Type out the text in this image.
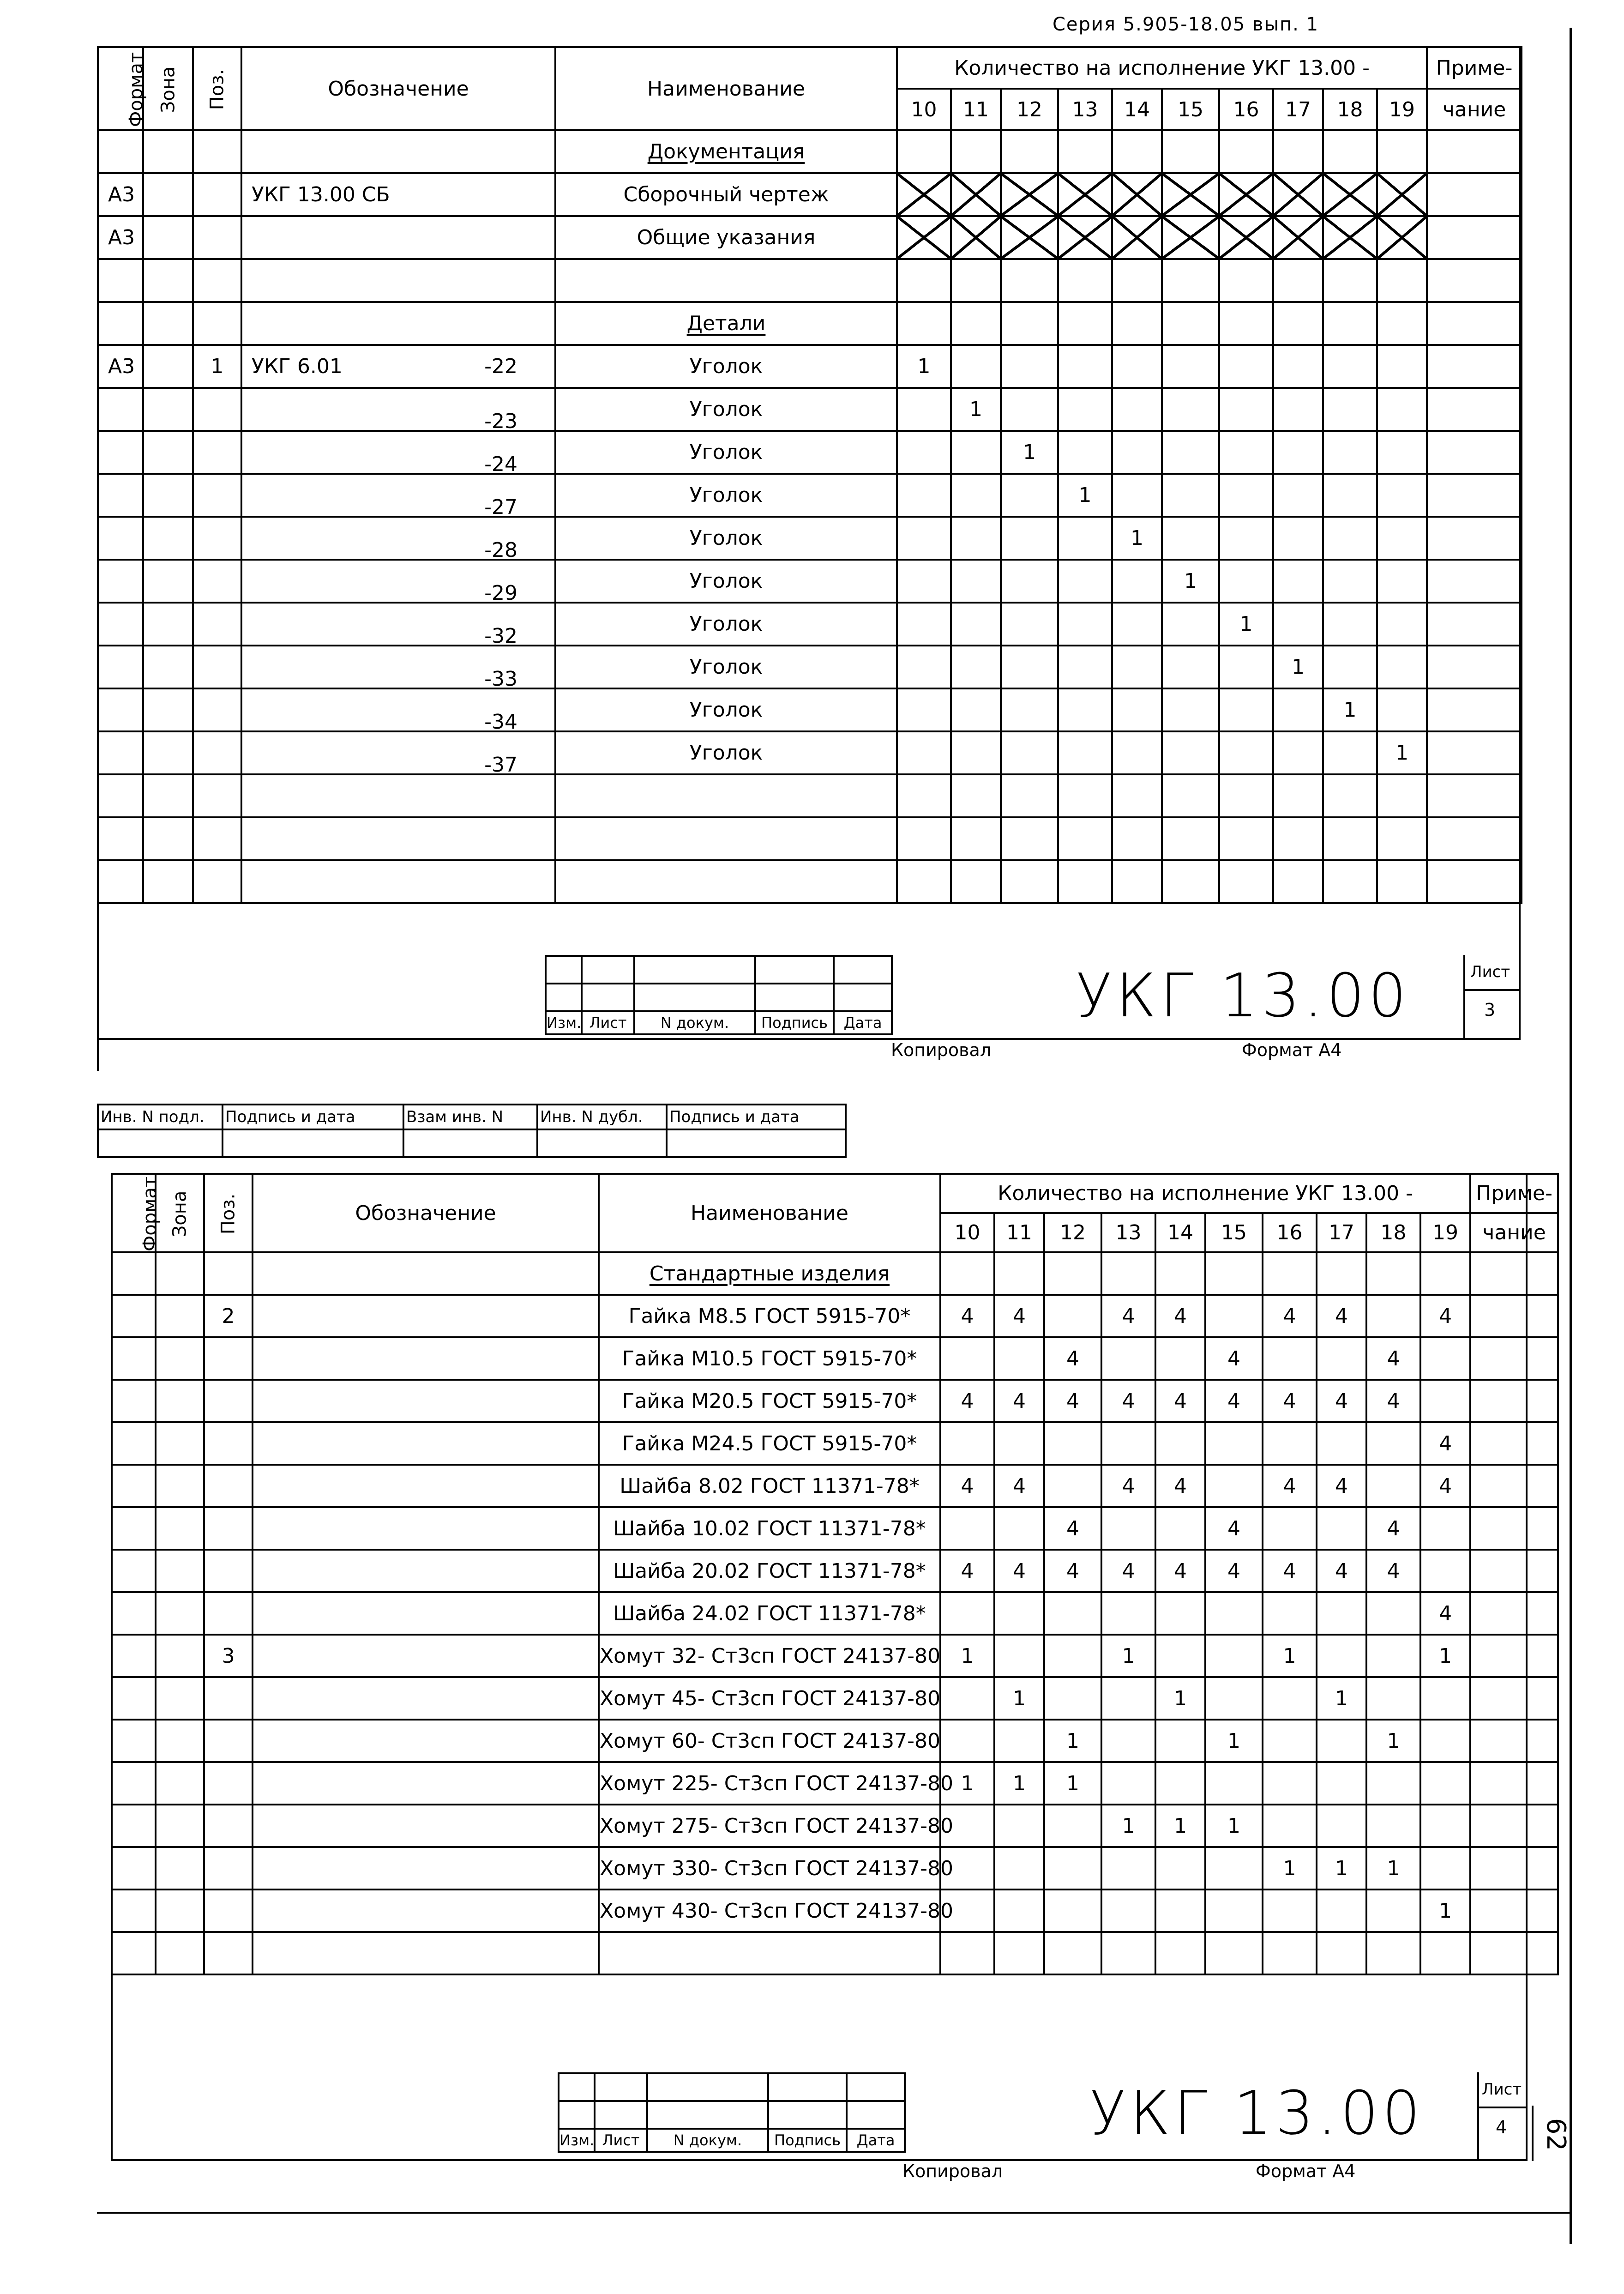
Серия 5.905-18.05 вып. 1
Формат	Зона	Поз.	Обозначение	Наименование	Количество на исполнение УКГ 13.00 -										Приме-
					10	11	12	13	14	15	16	17	18	19	чание

	Документация											
А3			УКГ 13.00 СБ	Сборочный чертеж											
А3				Общие указания											

	Детали											
А3		1	УКГ 6.01 -22	Уголок	1										

			-23	Уголок		1									

			-24	Уголок			1								

			-27	Уголок				1							

			-28	Уголок					1						

			-29	Уголок						1					

			-32	Уголок							1				

			-33	Уголок								1			

			-34	Уголок									1		

			-37	Уголок										1	

Изм.	Лист	N докум.	Подпись	Дата	УКГ 13.00	Лист
3
Копировал	Формат А4
Инв. N подл.	Подпись и дата	Взам инв. N	Инв. N дубл.	Подпись и дата

Формат	Зона	Поз.	Обозначение	Наименование	Количество на исполнение УКГ 13.00 -										Приме-
					10	11	12	13	14	15	16	17	18	19	чание
				Стандартные изделия											
		2		Гайка М8.5 ГОСТ 5915-70*	4	4		4	4		4	4		4	
				Гайка М10.5 ГОСТ 5915-70*			4			4			4		
				Гайка М20.5 ГОСТ 5915-70*	4	4	4	4	4	4	4	4	4		
				Гайка М24.5 ГОСТ 5915-70*										4	
				Шайба 8.02 ГОСТ 11371-78*	4	4		4	4		4	4		4	
				Шайба 10.02 ГОСТ 11371-78*			4			4			4		
				Шайба 20.02 ГОСТ 11371-78*	4	4	4	4	4	4	4	4	4		
				Шайба 24.02 ГОСТ 11371-78*										4	
		3		Хомут 32- Ст3сп ГОСТ 24137-80	1			1			1			1	
				Хомут 45- Ст3сп ГОСТ 24137-80		1			1			1			
				Хомут 60- Ст3сп ГОСТ 24137-80			1			1			1		
				Хомут 225- Ст3сп ГОСТ 24137-80	1	1	1								
				Хомут 275- Ст3сп ГОСТ 24137-80				1	1	1					
				Хомут 330- Ст3сп ГОСТ 24137-80							1	1	1		
				Хомут 430- Ст3сп ГОСТ 24137-80										1	

Изм.	Лист	N докум.	Подпись	Дата	УКГ 13.00	Лист
4
Копировал	Формат А4
62
